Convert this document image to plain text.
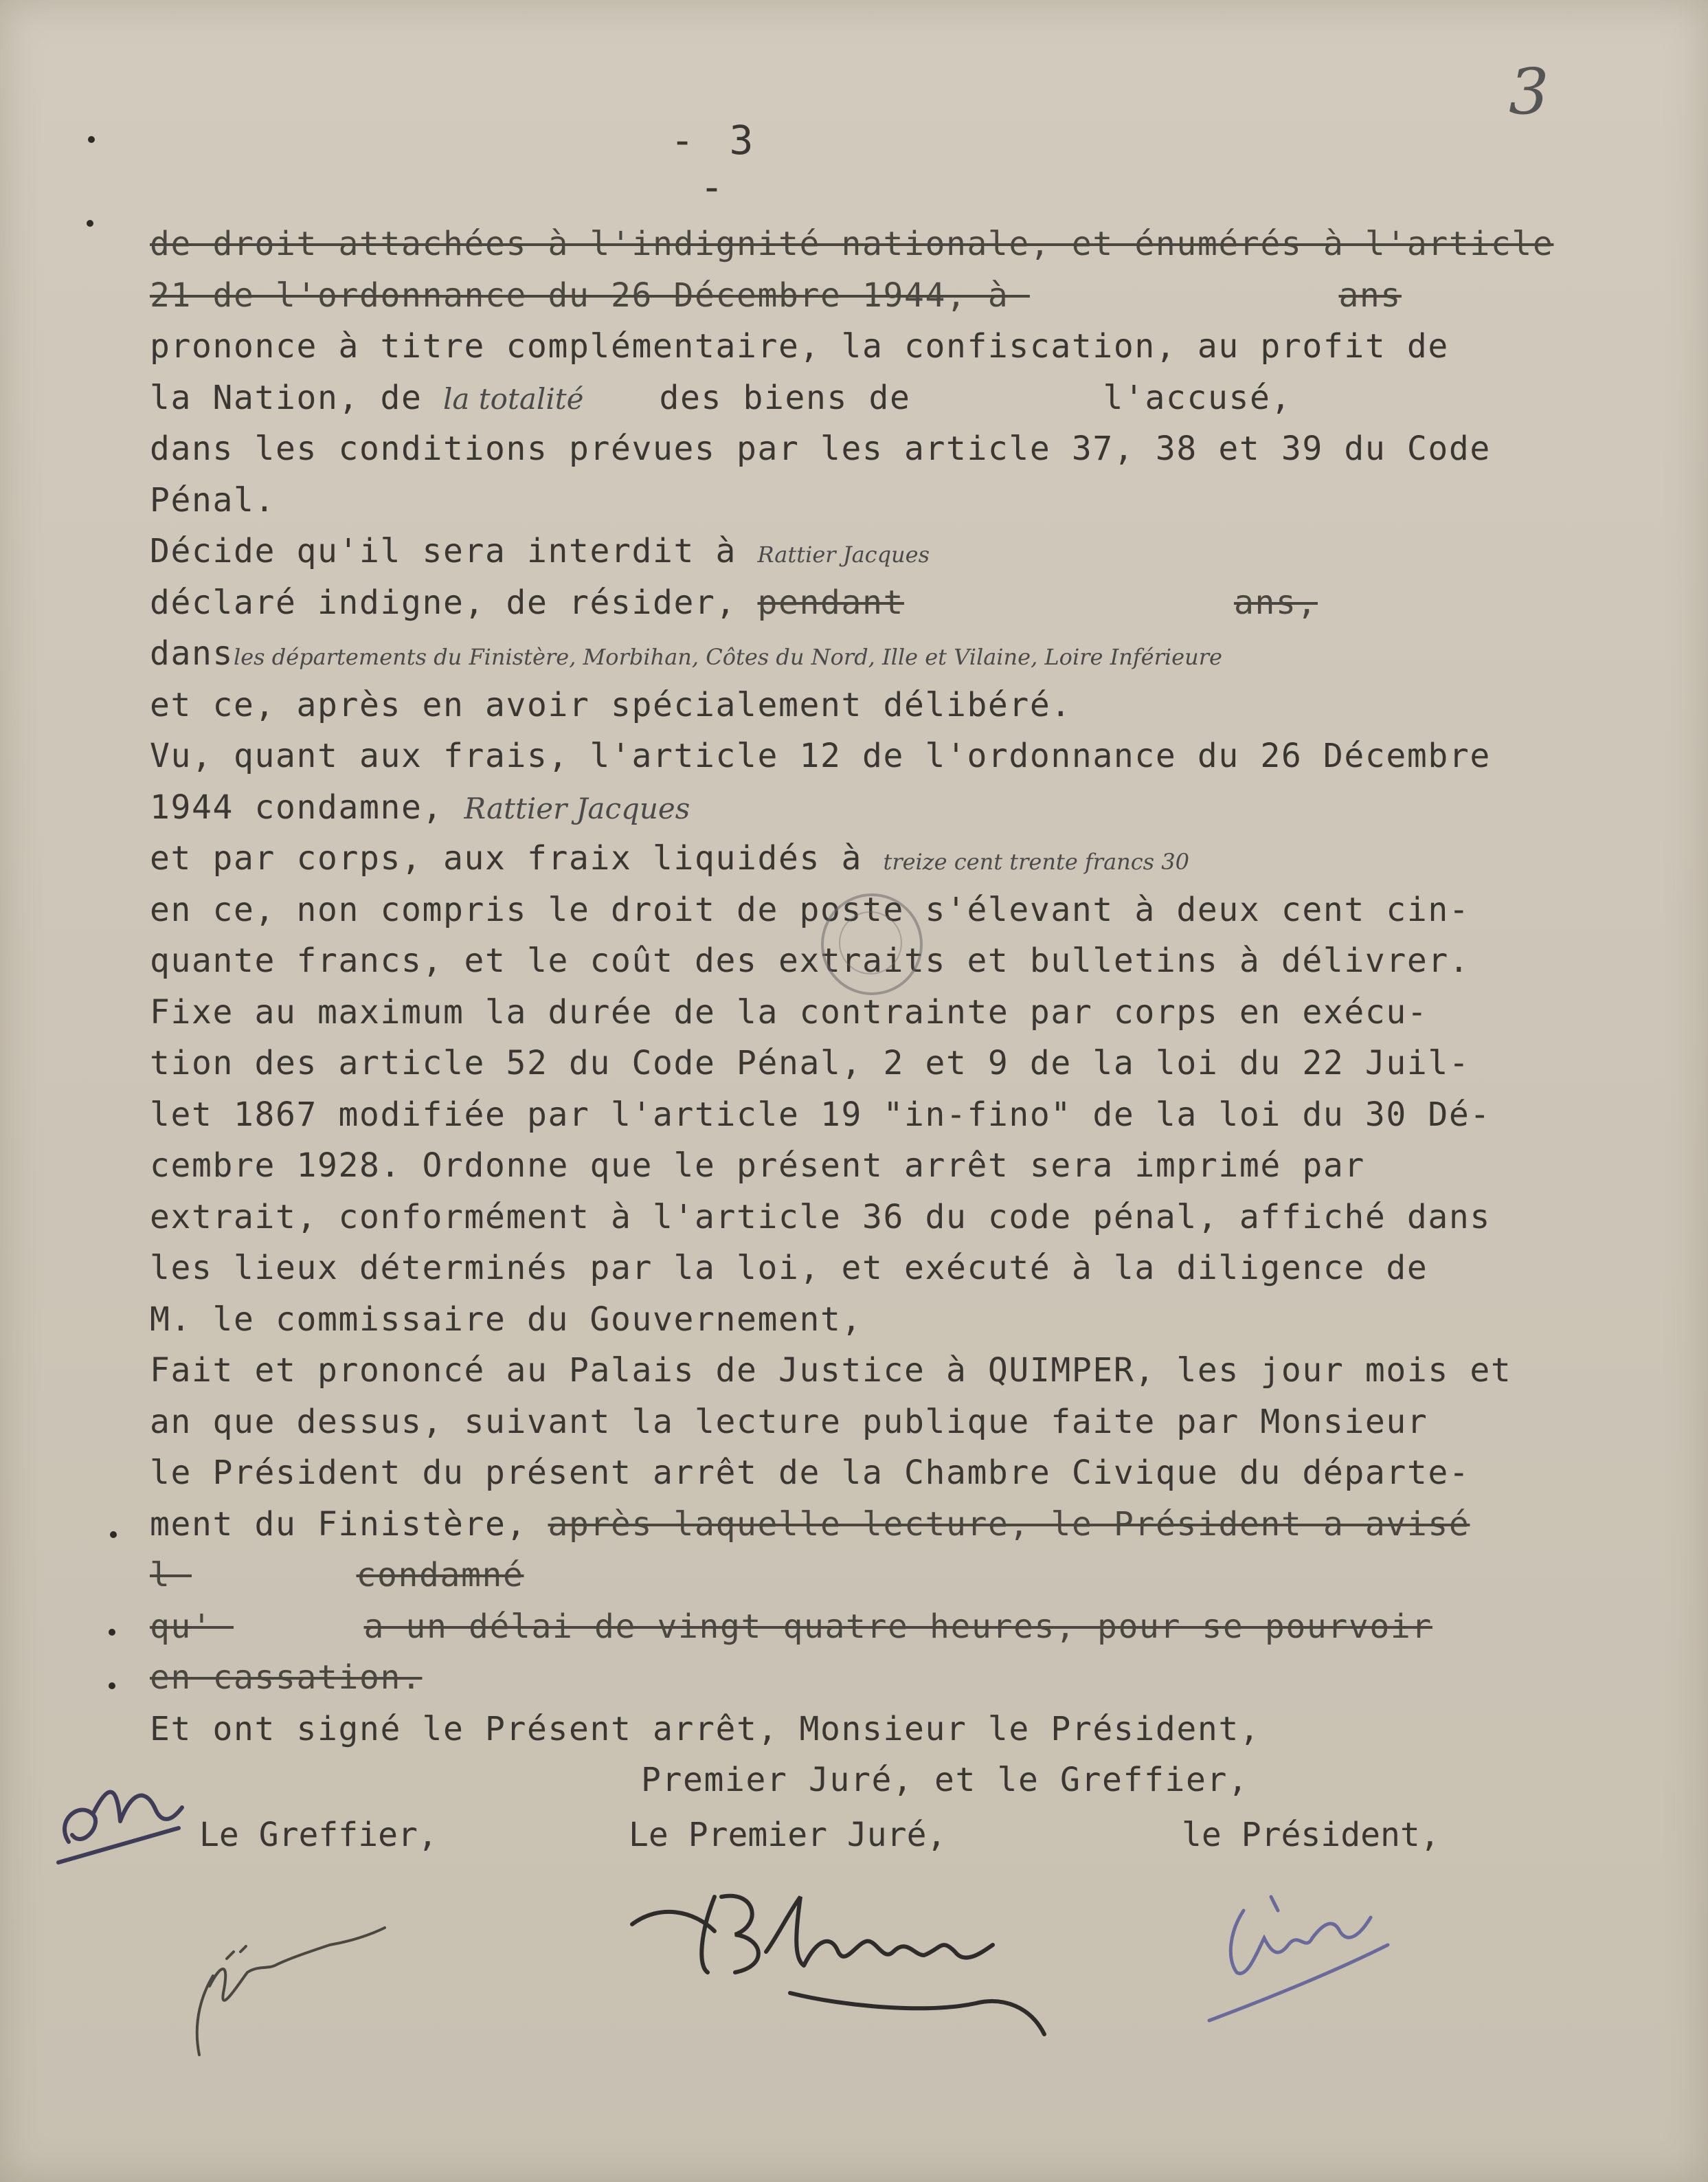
3
- 3 -
de droit attachées à l'indignité nationale, et énumérés à l'article
21 de l'ordonnance du 26 Décembre 1944, à	ans
prononce à titre complémentaire, la confiscation, au profit de
la Nation, de la totalité des biens de	l'accusé,
dans les conditions prévues par les article 37, 38 et 39 du Code
Pénal.
Décide qu'il sera interdit à Rattier Jacques
déclaré indigne, de résider, pendant	ans,
dansles départements du Finistère, Morbihan, Côtes du Nord, Ille et Vilaine, Loire Inférieure
et ce, après en avoir spécialement délibéré.
Vu, quant aux frais, l'article 12 de l'ordonnance du 26 Décembre
1944 condamne, Rattier Jacques
et par corps, aux fraix liquidés à treize cent trente francs 30
en ce, non compris le droit de poste s'élevant à deux cent cin-
quante francs, et le coût des extraits et bulletins à délivrer.
Fixe au maximum la durée de la contrainte par corps en exécu-
tion des article 52 du Code Pénal, 2 et 9 de la loi du 22 Juil-
let 1867 modifiée par l'article 19 "in-fino" de la loi du 30 Dé-
cembre 1928. Ordonne que le présent arrêt sera imprimé par
extrait, conformément à l'article 36 du code pénal, affiché dans
les lieux déterminés par la loi, et exécuté à la diligence de
M. le commissaire du Gouvernement,
Fait et prononcé au Palais de Justice à QUIMPER, les jour mois et
an que dessus, suivant la lecture publique faite par Monsieur
le Président du présent arrêt de la Chambre Civique du départe-
ment du Finistère, après laquelle lecture, le Président a avisé
l	condamné
qu'	a un délai de vingt quatre heures, pour se pourvoir
en cassation.
Et ont signé le Présent arrêt, Monsieur le Président,
Premier Juré, et le Greffier,
Le Greffier,	Le Premier Juré,	le Président,
